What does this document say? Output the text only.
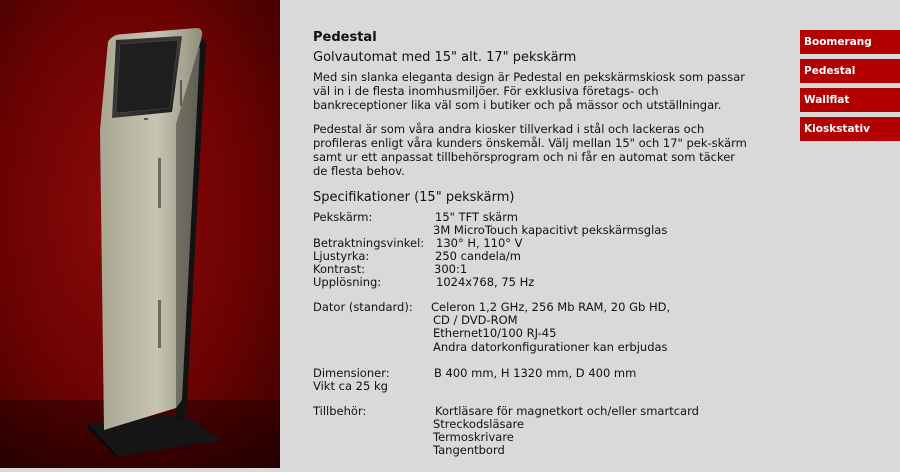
Pedestal
Golvautomat med 15" alt. 17" pekskärm
Med sin slanka eleganta design är Pedestal en pekskärmskiosk som passar väl in i de flesta inomhusmiljöer. För exklusiva företags- och bankreceptioner lika väl som i butiker och på mässor och utställningar.
Pedestal är som våra andra kiosker tillverkad i stål och lackeras och profileras enligt våra kunders önskemål. Välj mellan 15" och 17" pek-skärm samt ur ett anpassat tillbehörsprogram och ni får en automat som täcker de flesta behov.
Specifikationer (15" pekskärm)
Pekskärm:	15" TFT skärm
3M MicroTouch kapacitivt pekskärmsglas
Betraktningsvinkel: 130° H, 110° V
Ljustyrka:	250 candela/m
Kontrast:	300:1
Upplösning:	1024x768, 75 Hz
Dator (standard): Celeron 1,2 GHz, 256 Mb RAM, 20 Gb HD,
CD / DVD-ROM
Ethernet10/100 RJ-45
Andra datorkonfigurationer kan erbjudas
Dimensioner:	B 400 mm, H 1320 mm, D 400 mm
Vikt ca 25 kg
Tillbehör:	Kortläsare för magnetkort och/eller smartcard
Streckodsläsare
Termoskrivare
Tangentbord
Boomerang
Pedestal
Wallflat
Kioskstativ
